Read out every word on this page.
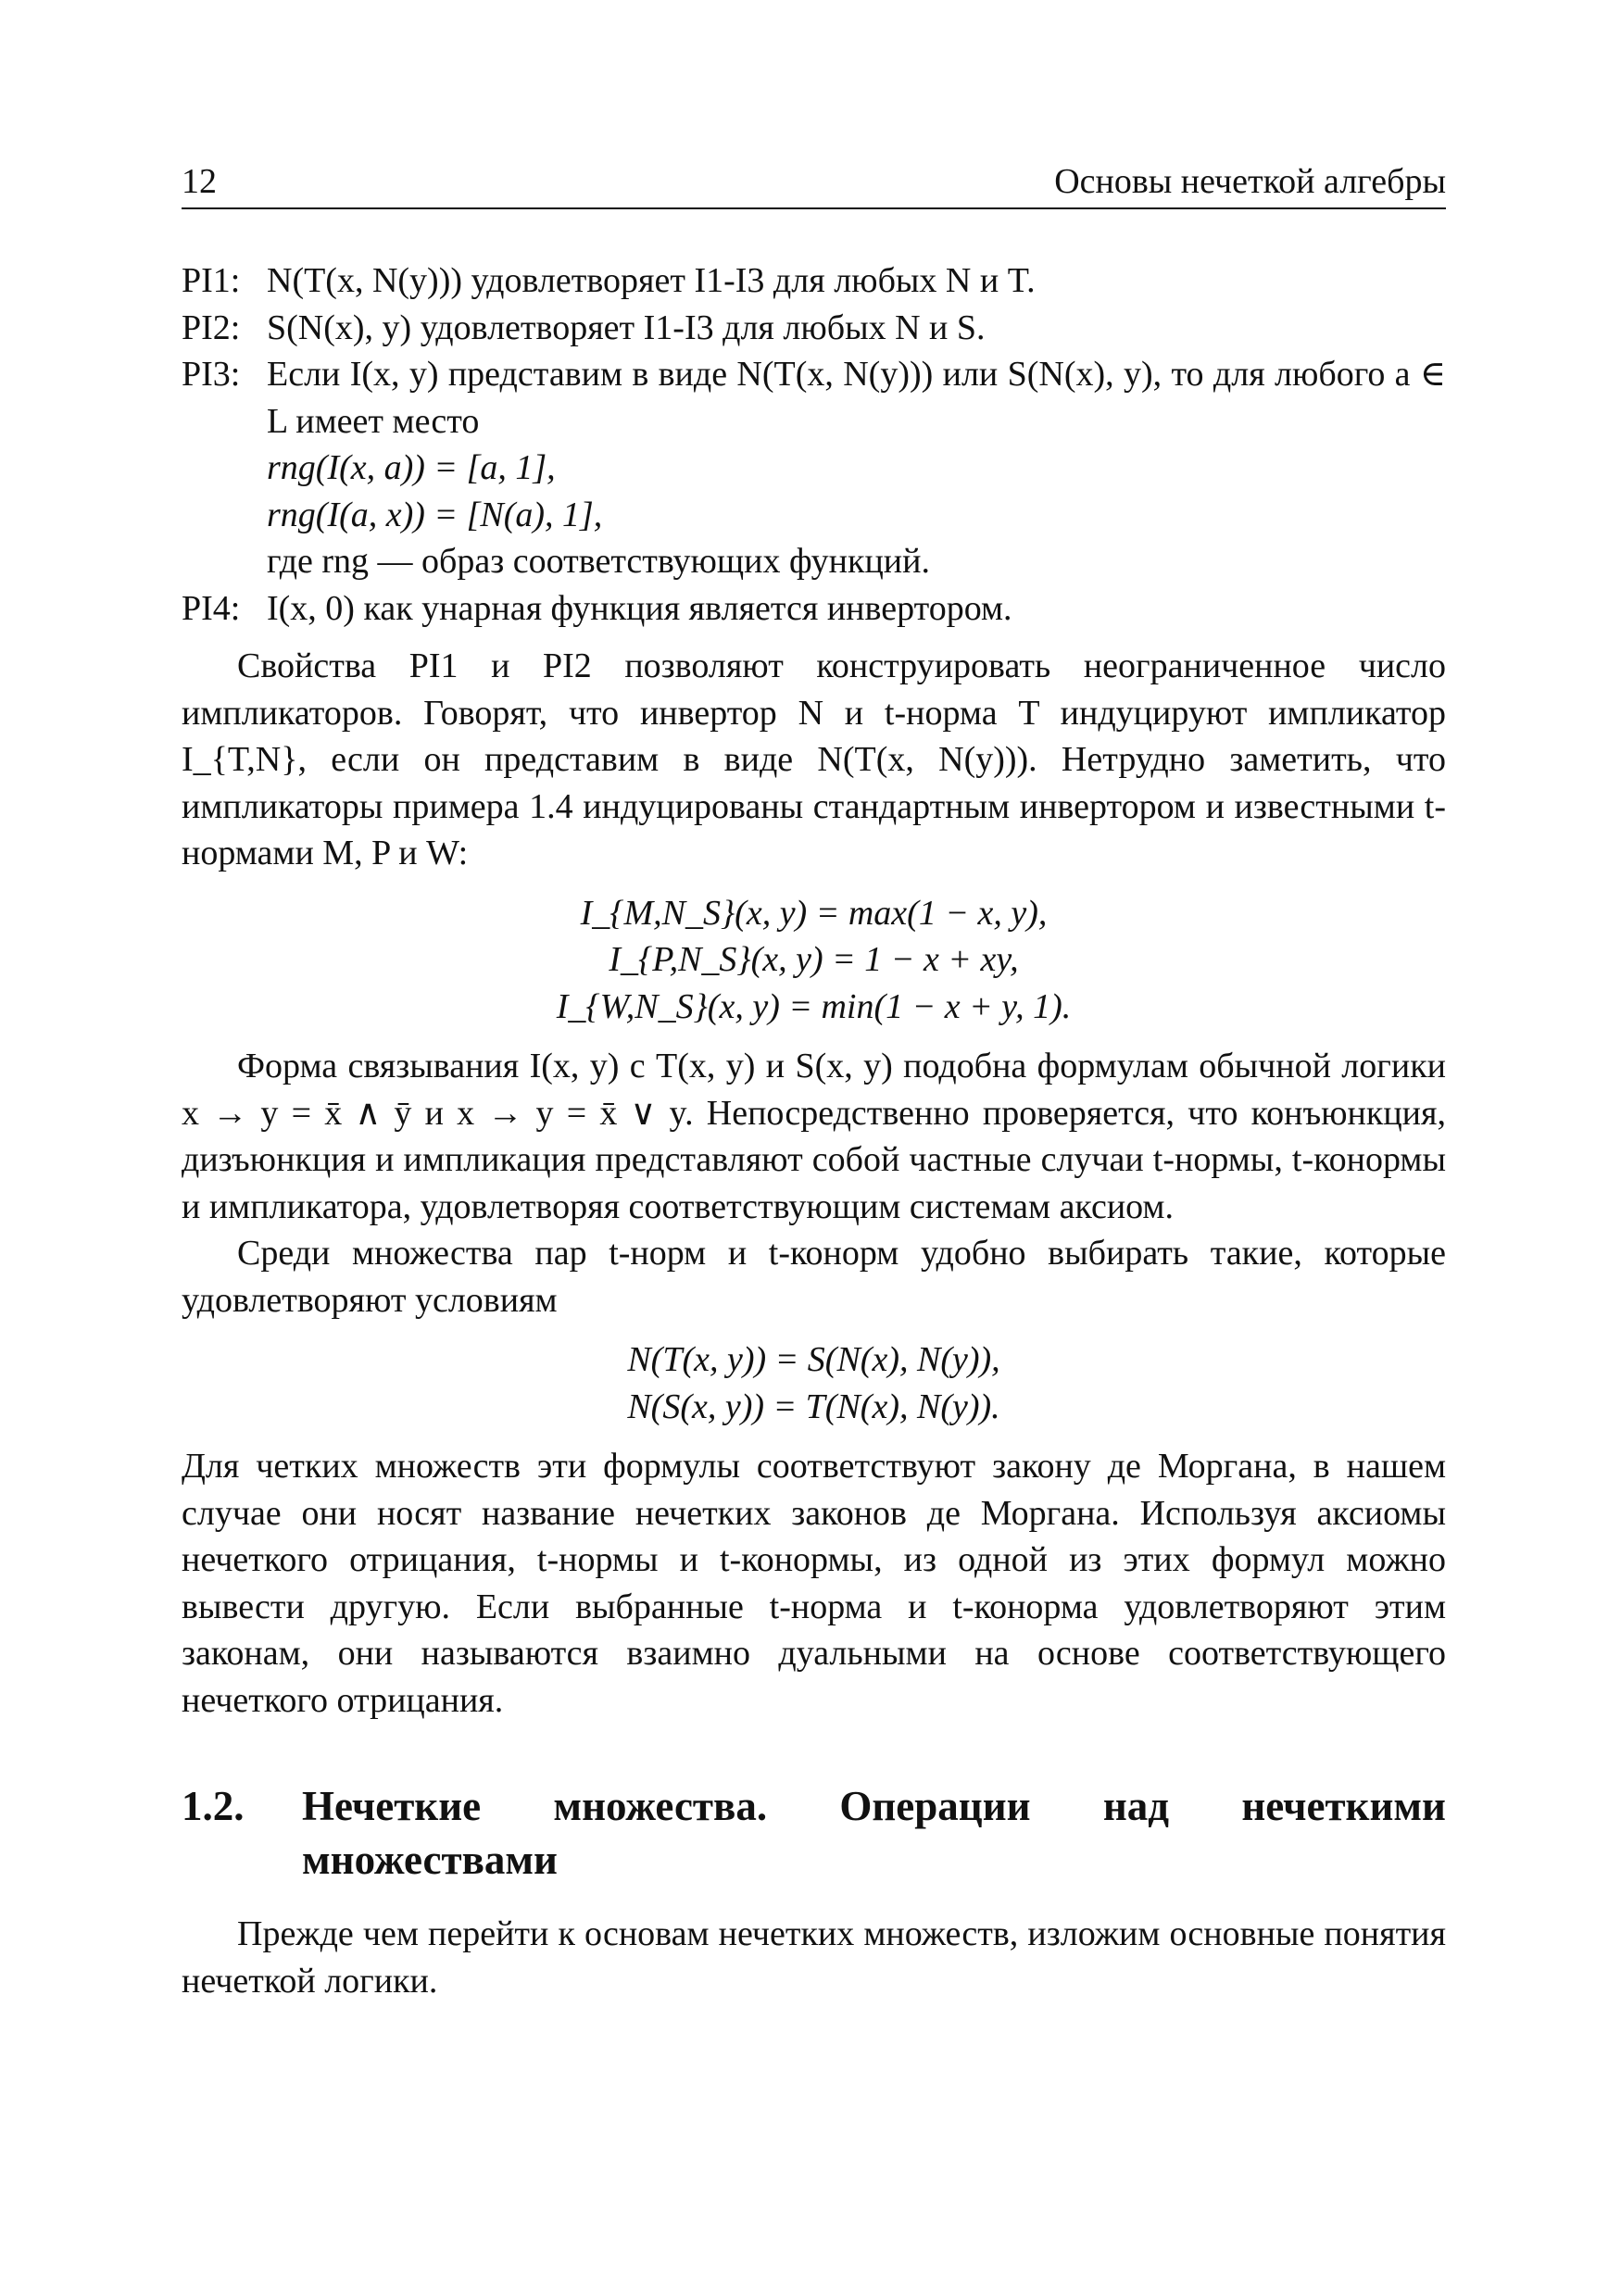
12	Основы нечеткой алгебры
PI1: N(T(x, N(y))) удовлетворяет I1-I3 для любых N и T.
PI2: S(N(x), y) удовлетворяет I1-I3 для любых N и S.
PI3: Если I(x, y) представим в виде N(T(x, N(y))) или S(N(x), y), то для любого a ∈ L имеет место
rng(I(x, a)) = [a, 1],
rng(I(a, x)) = [N(a), 1],
где rng — образ соответствующих функций.
PI4: I(x, 0) как унарная функция является инвертором.

Свойства PI1 и PI2 позволяют конструировать неограниченное число импликаторов. Говорят, что инвертор N и t-норма T индуцируют импликатор I_{T,N}, если он представим в виде N(T(x, N(y))). Нетрудно заметить, что импликаторы примера 1.4 индуцированы стандартным инвертором и известными t-нормами M, P и W:

I_{M,N_S}(x, y) = max(1 − x, y),
I_{P,N_S}(x, y) = 1 − x + xy,
I_{W,N_S}(x, y) = min(1 − x + y, 1).

Форма связывания I(x, y) с T(x, y) и S(x, y) подобна формулам обычной логики x → y = x̄ ∧ ȳ и x → y = x̄ ∨ y. Непосредственно проверяется, что конъюнкция, дизъюнкция и импликация представляют собой частные случаи t-нормы, t-конормы и импликатора, удовлетворяя соответствующим системам аксиом.

Среди множества пар t-норм и t-конорм удобно выбирать такие, которые удовлетворяют условиям

N(T(x, y)) = S(N(x), N(y)),
N(S(x, y)) = T(N(x), N(y)).

Для четких множеств эти формулы соответствуют закону де Моргана, в нашем случае они носят название нечетких законов де Моргана. Используя аксиомы нечеткого отрицания, t-нормы и t-конормы, из одной из этих формул можно вывести другую. Если выбранные t-норма и t-конорма удовлетворяют этим законам, они называются взаимно дуальными на основе соответствующего нечеткого отрицания.

1.2.	Нечеткие множества. Операции над нечеткими множествами

Прежде чем перейти к основам нечетких множеств, изложим основные понятия нечеткой логики.
